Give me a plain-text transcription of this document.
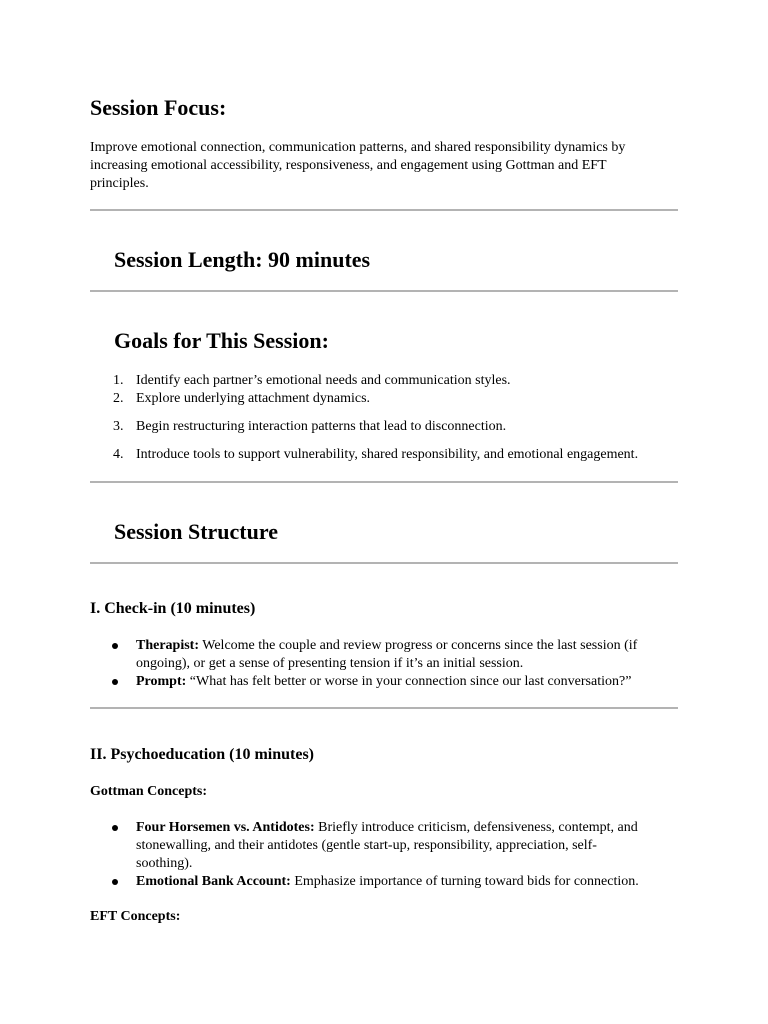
Session Focus:
Improve emotional connection, communication patterns, and shared responsibility dynamics by
increasing emotional accessibility, responsiveness, and engagement using Gottman and EFT
principles.
Session Length: 90 minutes
Goals for This Session:
1. Identify each partner’s emotional needs and communication styles.
2. Explore underlying attachment dynamics.
3. Begin restructuring interaction patterns that lead to disconnection.
4. Introduce tools to support vulnerability, shared responsibility, and emotional engagement.
Session Structure
I. Check-in (10 minutes)
Therapist: Welcome the couple and review progress or concerns since the last session (if
ongoing), or get a sense of presenting tension if it’s an initial session.
Prompt: “What has felt better or worse in your connection since our last conversation?”
II. Psychoeducation (10 minutes)
Gottman Concepts:
Four Horsemen vs. Antidotes: Briefly introduce criticism, defensiveness, contempt, and
stonewalling, and their antidotes (gentle start-up, responsibility, appreciation, self-
soothing).
Emotional Bank Account: Emphasize importance of turning toward bids for connection.
EFT Concepts:
